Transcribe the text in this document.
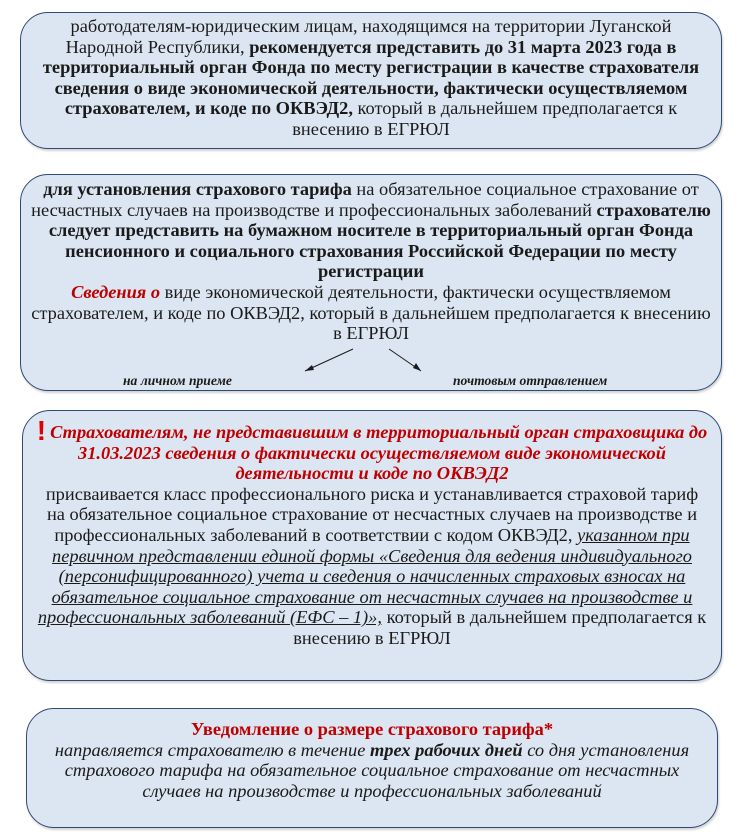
работодателям-юридическим лицам, находящимся на территории Луганской Народной Республики, рекомендуется представить до 31 марта 2023 года в территориальный орган Фонда по месту регистрации в качестве страхователя сведения о виде экономической деятельности, фактически осуществляемом страхователем, и коде по ОКВЭД2, который в дальнейшем предполагается к внесению в ЕГРЮЛ
для установления страхового тарифа на обязательное социальное страхование от несчастных случаев на производстве и профессиональных заболеваний страхователю следует представить на бумажном носителе в территориальный орган Фонда пенсионного и социального страхования Российской Федерации по месту регистрации
Сведения о виде экономической деятельности, фактически осуществляемом страхователем, и коде по ОКВЭД2, который в дальнейшем предполагается к внесению в ЕГРЮЛ
на личном приеме	почтовым отправлением
! Страхователям, не представившим в территориальный орган страховщика до 31.03.2023 сведения о фактически осуществляемом виде экономической деятельности и коде по ОКВЭД2
присваивается класс профессионального риска и устанавливается страховой тариф на обязательное социальное страхование от несчастных случаев на производстве и профессиональных заболеваний в соответствии с кодом ОКВЭД2, указанном при первичном представлении единой формы «Сведения для ведения индивидуального (персонифицированного) учета и сведения о начисленных страховых взносах на обязательное социальное страхование от несчастных случаев на производстве и профессиональных заболеваний (ЕФС – 1)», который в дальнейшем предполагается к внесению в ЕГРЮЛ
Уведомление о размере страхового тарифа*
направляется страхователю в течение трех рабочих дней со дня установления страхового тарифа на обязательное социальное страхование от несчастных случаев на производстве и профессиональных заболеваний
